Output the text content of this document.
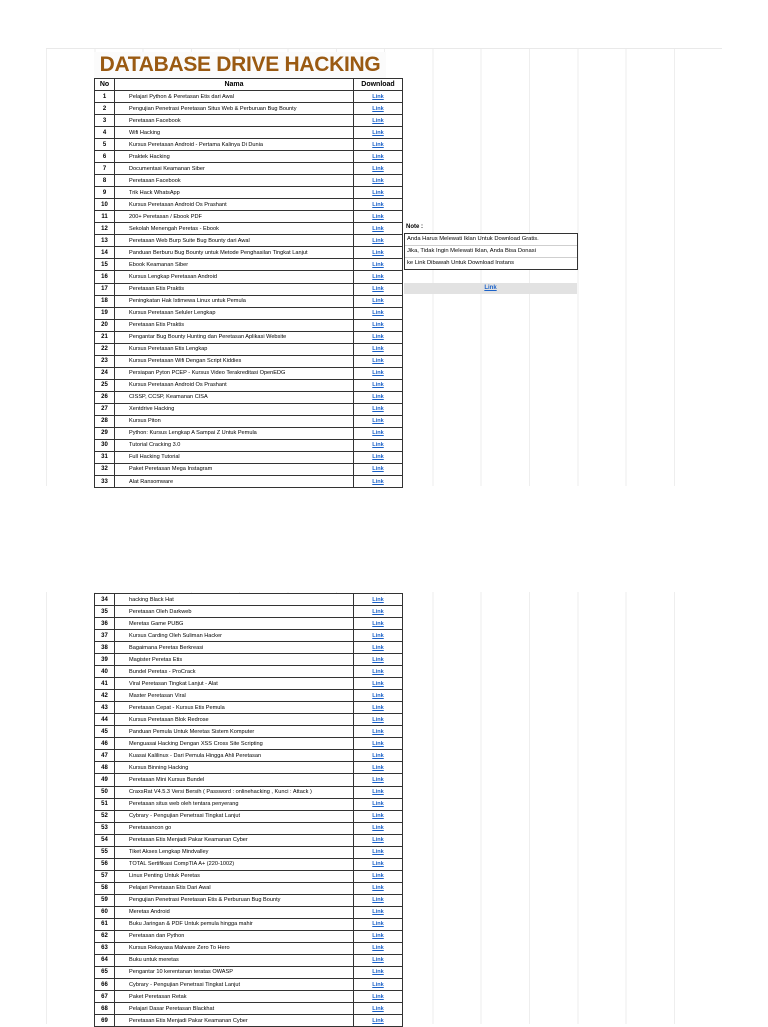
DATABASE DRIVE HACKING
No	Nama	Download
1	Pelajari Python & Peretasan Etis dari Awal	Link
2	Pengujian Penetrasi Peretasan Situs Web & Perburuan Bug Bounty	Link
3	Peretasan Facebook	Link
4	Wifi Hacking	Link
5	Kursus Peretasan Android - Pertama Kalinya Di Dunia	Link
6	Praktek Hacking	Link
7	Documentasi Keamanan Siber	Link
8	Peretasan Facebook	Link
9	Trik Hack WhatsApp	Link
10	Kursus Peretasan Android Os Prashant	Link
11	200+ Peretasan / Ebook PDF	Link
12	Sekolah Menengah Peretas - Ebook	Link
13	Peretasan Web Burp Suite Bug Bounty dari Awal	Link
14	Panduan Berburu Bug Bounty untuk Metode Penghasilan Tingkat Lanjut	Link
15	Ebook Keamanan Siber	Link
16	Kursus Lengkap Peretasan Android	Link
17	Peretasan Etis Praktis	Link
18	Peningkatan Hak Istimewa Linux untuk Pemula	Link
19	Kursus Peretasan Seluler Lengkap	Link
20	Peretasan Etis Praktis	Link
21	Pengantar Bug Bounty Hunting dan Peretasan Aplikasi Website	Link
22	Kursus Peretasan Etis Lengkap	Link
23	Kursus Peretasan Wifi Dengan Script Kiddies	Link
24	Persiapan Pyton PCEP - Kursus Video Terakreditasi OpenEDG	Link
25	Kursus Peretasan Android Os Prashant	Link
26	CISSP, CCSP, Keamanan CISA	Link
27	Xentdrive Hacking	Link
28	Kursus Piton	Link
29	Python: Kursus Lengkap A Sampai Z Untuk Pemula	Link
30	Tutorial Cracking 3.0	Link
31	Full Hacking Tutorial	Link
32	Paket Peretasan Mega Instagram	Link
33	Alat Ransomware	Link
Note :
Anda Harus Melewati Iklan Untuk Download Gratis.
Jika, Tidak Ingin Melewati Iklan, Anda Bisa Donasi
ke Link Dibawah Untuk Download Instans
Link
34	hacking Black Hat	Link
35	Peretasan Oleh Darkweb	Link
36	Meretas Game PUBG	Link
37	Kursus Carding Oleh Suliman Hacker	Link
38	Bagaimana Peretas Berkreasi	Link
39	Magister Peretas Etis	Link
40	Bundel Peretas - ProCrack	Link
41	Viral Peretasan Tingkat Lanjut - Alat	Link
42	Master Peretasan Viral	Link
43	Peretasan Cepat - Kursus Etis Pemula	Link
44	Kursus Peretasan Blok Redrose	Link
45	Panduan Pemula Untuk Meretas Sistem Komputer	Link
46	Menguasai Hacking Dengan XSS Cross Site Scripting	Link
47	Kuasai Kalilinux - Dari Pemula Hingga Ahli Peretasan	Link
48	Kursus Binning Hacking	Link
49	Peretasan Mini Kursus Bundel	Link
50	CraxsRat V4.5.3 Versi Bersih ( Password : onlinehacking , Kunci : Attack )	Link
51	Peretasan situs web oleh tentara penyerang	Link
52	Cybrary - Pengujian Penetrasi Tingkat Lanjut	Link
53	Peretasancon go	Link
54	Peretasan Etis Menjadi Pakar Keamanan Cyber	Link
55	Tiket Akses Lengkap Mindvalley	Link
56	TOTAL Sertifikasi CompTIA A+ (220-1002)	Link
57	Linux Penting Untuk Peretas	Link
58	Pelajari Peretasan Etis Dari Awal	Link
59	Pengujian Penetrasi Peretasan Etis & Perburuan Bug Bounty	Link
60	Meretas Android	Link
61	Buku Jaringan & PDF Untuk pemula hingga mahir	Link
62	Peretasan dan Python	Link
63	Kursus Rekayasa Malware Zero To Hero	Link
64	Buku untuk meretas	Link
65	Pengantar 10 kerentanan teratas OWASP	Link
66	Cybrary - Pengujian Penetrasi Tingkat Lanjut	Link
67	Paket Peretasan Retak	Link
68	Pelajari Dasar Peretasan Blackhat	Link
69	Peretasan Etis Menjadi Pakar Keamanan Cyber	Link
